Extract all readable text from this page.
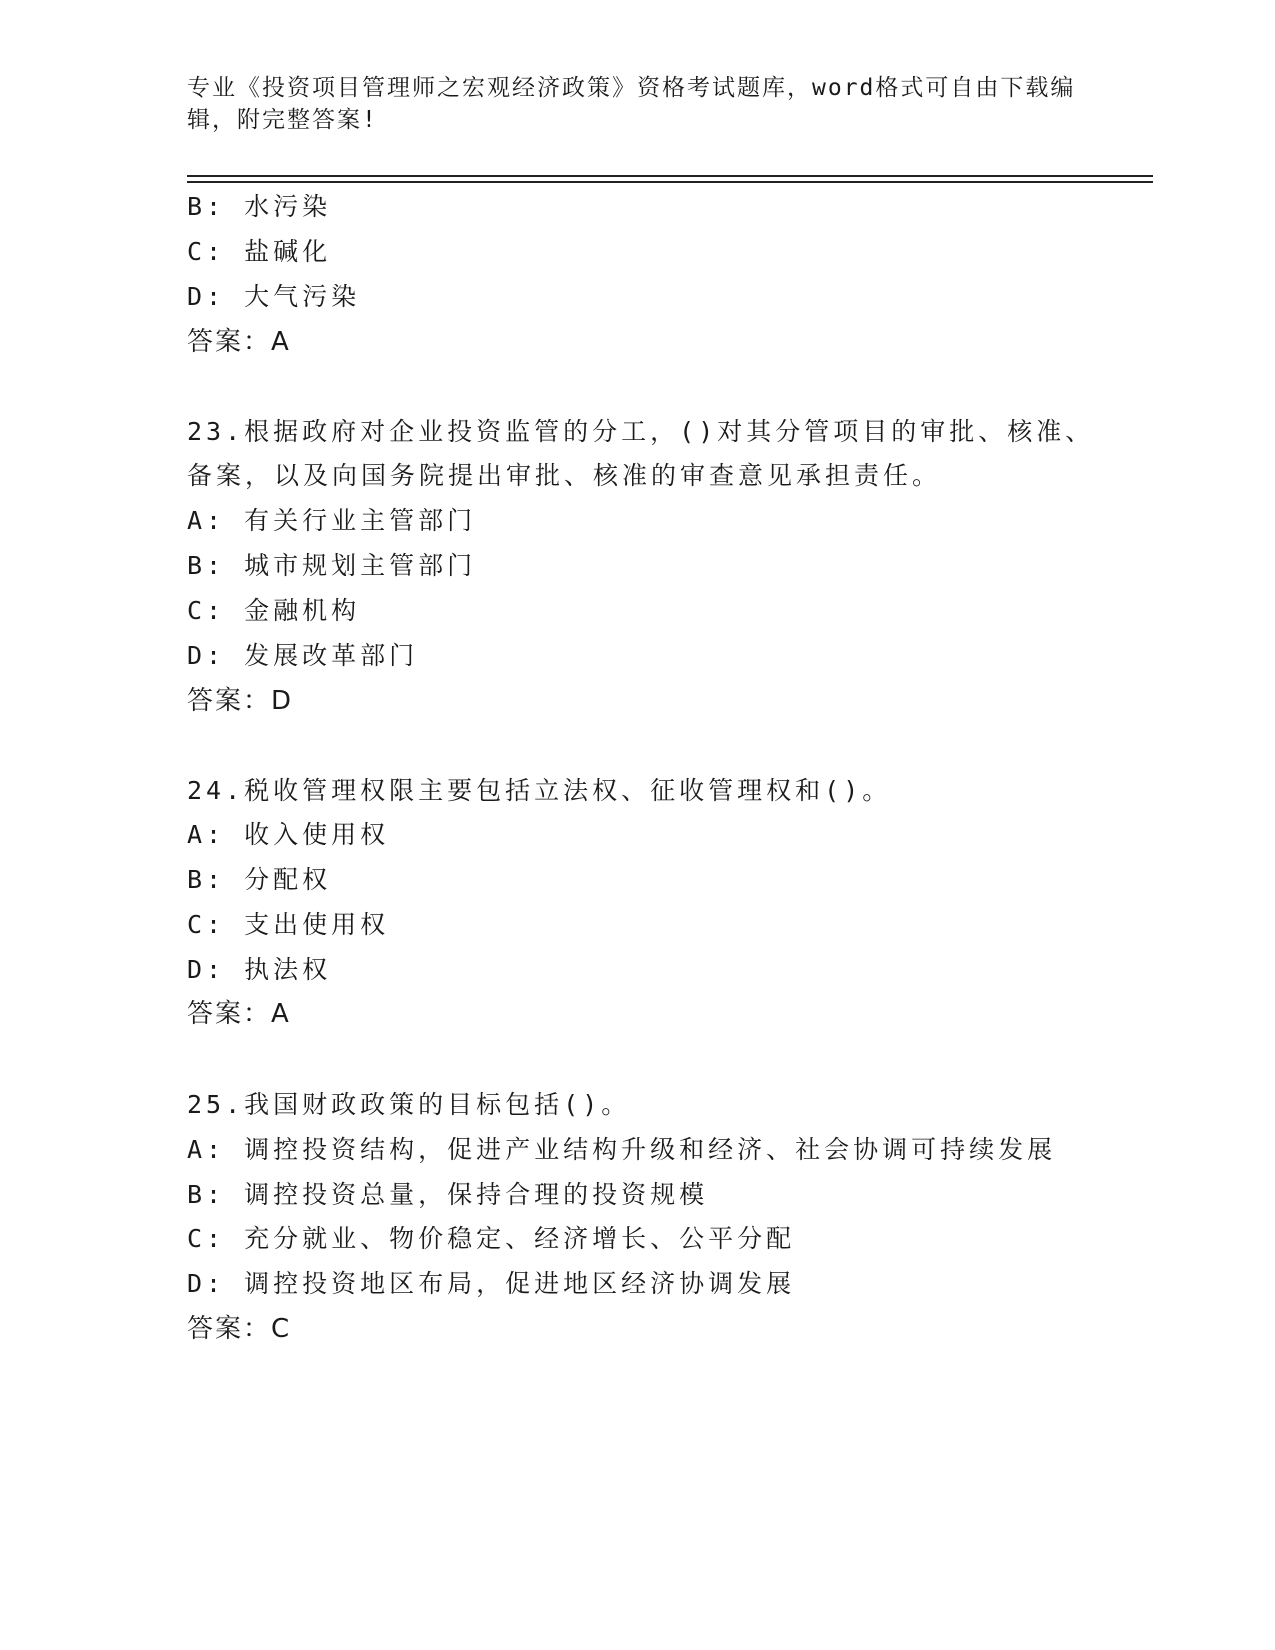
专业《投资项目管理师之宏观经济政策》资格考试题库，word格式可自由下载编
辑，附完整答案!

B: 水污染

C: 盐碱化

D: 大气污染

答案：A

23.根据政府对企业投资监管的分工，()对其分管项目的审批、核准、

备案，以及向国务院提出审批、核准的审查意见承担责任。

A: 有关行业主管部门

B: 城市规划主管部门

C: 金融机构

D: 发展改革部门

答案：D

24.税收管理权限主要包括立法权、征收管理权和()。

A: 收入使用权

B: 分配权

C: 支出使用权

D: 执法权

答案：A

25.我国财政政策的目标包括()。

A: 调控投资结构，促进产业结构升级和经济、社会协调可持续发展

B: 调控投资总量，保持合理的投资规模

C: 充分就业、物价稳定、经济增长、公平分配

D: 调控投资地区布局，促进地区经济协调发展

答案：C
